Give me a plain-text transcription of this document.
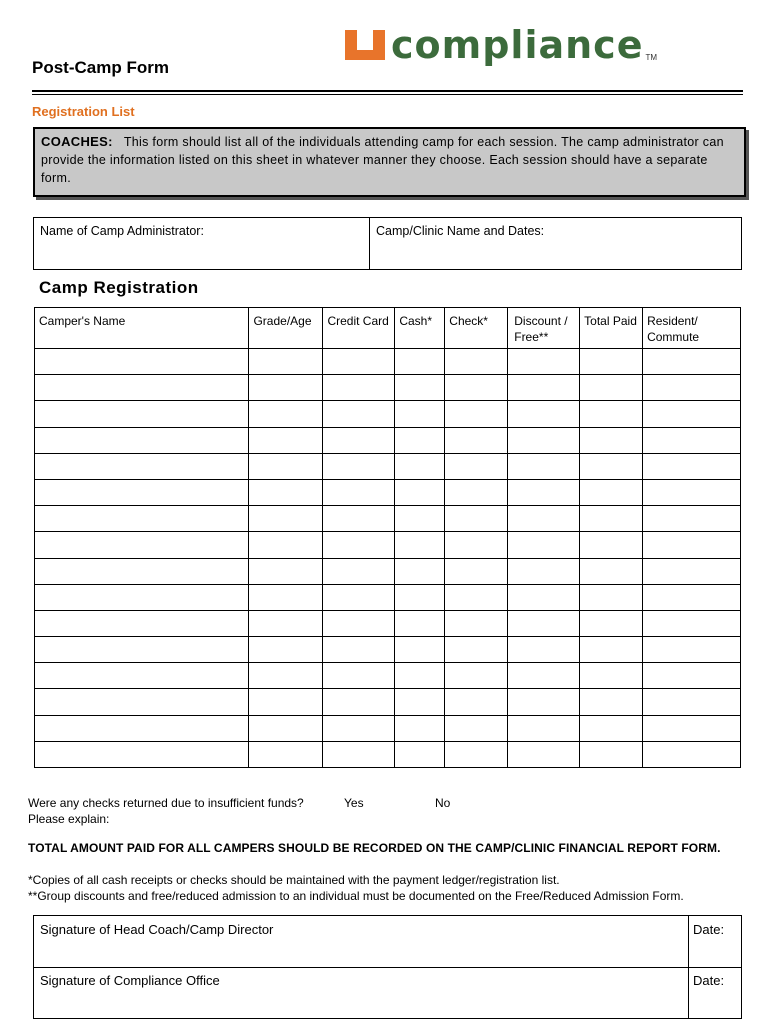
compliance TM
Post-Camp Form
Registration List
COACHES: This form should list all of the individuals attending camp for each session. The camp administrator can provide the information listed on this sheet in whatever manner they choose. Each session should have a separate form.
Name of Camp Administrator:	Camp/Clinic Name and Dates:
Camp Registration
Camper's Name	Grade/Age	Credit Card	Cash*	Check*	Discount / Free**	Total Paid	Resident/ Commute

Were any checks returned due to insufficient funds?	Yes	No
Please explain:
TOTAL AMOUNT PAID FOR ALL CAMPERS SHOULD BE RECORDED ON THE CAMP/CLINIC FINANCIAL REPORT FORM.
*Copies of all cash receipts or checks should be maintained with the payment ledger/registration list.
**Group discounts and free/reduced admission to an individual must be documented on the Free/Reduced Admission Form.
Signature of Head Coach/Camp Director	Date:
Signature of Compliance Office	Date:
